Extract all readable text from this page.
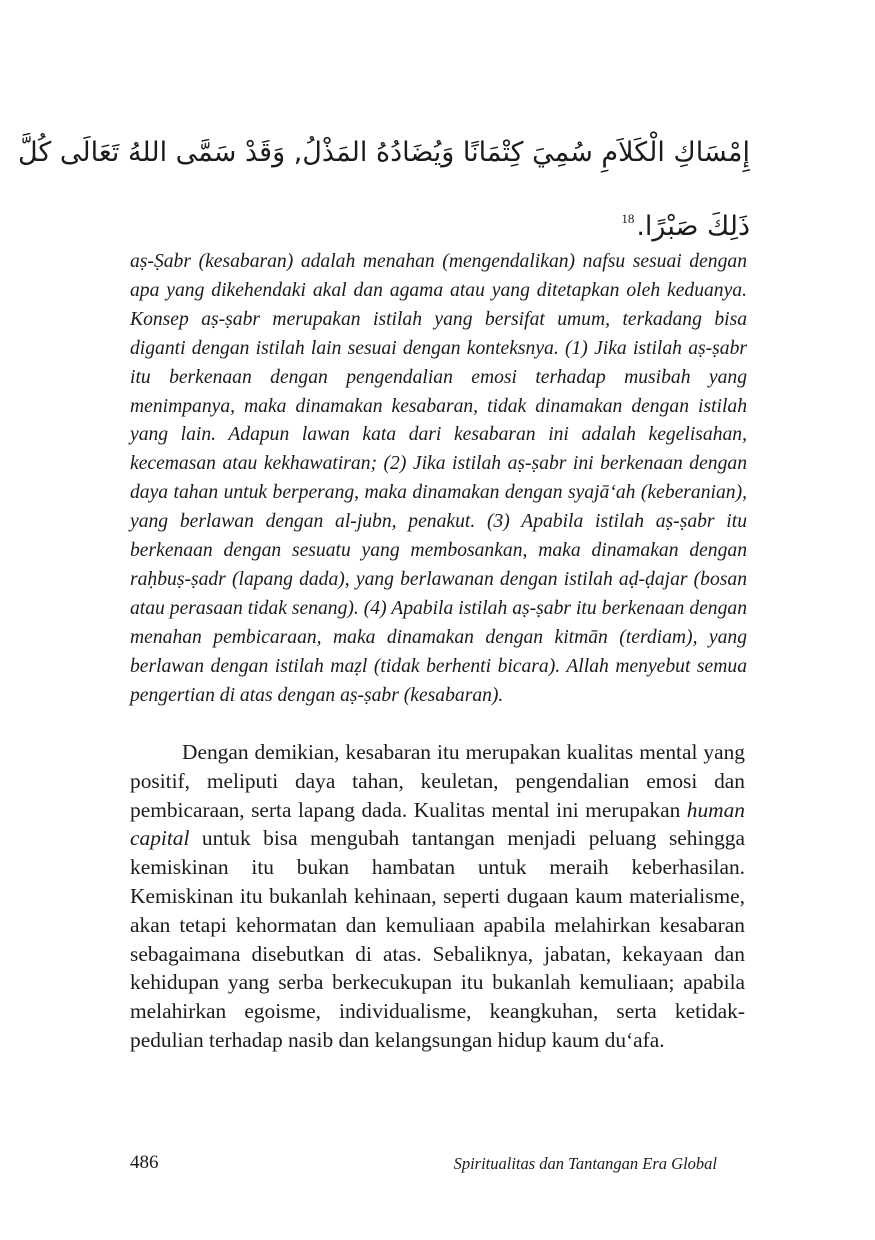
إِمْسَاكِ الْكَلاَمِ سُمِيَ كِتْمَانًا وَيُضَادُهُ المَذْلُ, وَقَدْ سَمَّى اللهُ تَعَالَى كُلَّ
ذَلِكَ صَبْرًا.$^{18}$
aṣ-Ṣabr (kesabaran) adalah menahan (mengendalikan) nafsu sesuai dengan apa yang dikehendaki akal dan agama atau yang ditetapkan oleh keduanya. Konsep aṣ-ṣabr merupakan istilah yang bersifat umum, terkadang bisa diganti dengan istilah lain sesuai dengan konteksnya. (1) Jika istilah aṣ-ṣabr itu berkenaan dengan pengendalian emosi terhadap musibah yang menimpanya, maka dinamakan kesabaran, tidak dinamakan dengan istilah yang lain. Adapun lawan kata dari kesabaran ini adalah kegelisahan, kecemasan atau kekhawatiran; (2) Jika istilah aṣ-ṣabr ini berkenaan dengan daya tahan untuk berperang, maka dinamakan dengan syajā‘ah (keberanian), yang berlawan dengan al-jubn, penakut. (3) Apabila istilah aṣ-ṣabr itu berkenaan dengan sesuatu yang membosankan, maka dinamakan dengan raḥbuṣ-ṣadr (lapang dada), yang berlawanan dengan istilah aḍ-ḍajar (bosan atau perasaan tidak senang). (4) Apabila istilah aṣ-ṣabr itu berkenaan dengan menahan pembicaraan, maka dinamakan dengan kitmān (terdiam), yang berlawan dengan istilah maẓl (tidak berhenti bicara). Allah menyebut semua pengertian di atas dengan aṣ-ṣabr (kesabaran).

Dengan demikian, kesabaran itu merupakan kualitas mental yang positif, meliputi daya tahan, keuletan, pengendalian emosi dan pembicaraan, serta lapang dada. Kualitas mental ini merupakan human capital untuk bisa mengubah tantangan menjadi peluang sehingga kemiskinan itu bukan hambatan untuk meraih keberhasilan. Kemiskinan itu bukanlah kehinaan, seperti dugaan kaum materialisme, akan tetapi kehormatan dan kemuliaan apabila melahirkan kesabaran sebagaimana disebutkan di atas. Sebaliknya, jabatan, kekayaan dan kehidupan yang serba berkecukupan itu bukanlah kemuliaan; apabila melahirkan egoisme, individualisme, keangkuhan, serta ketidak-pedulian terhadap nasib dan kelangsungan hidup kaum du‘afa.

486	Spiritualitas dan Tantangan Era Global
